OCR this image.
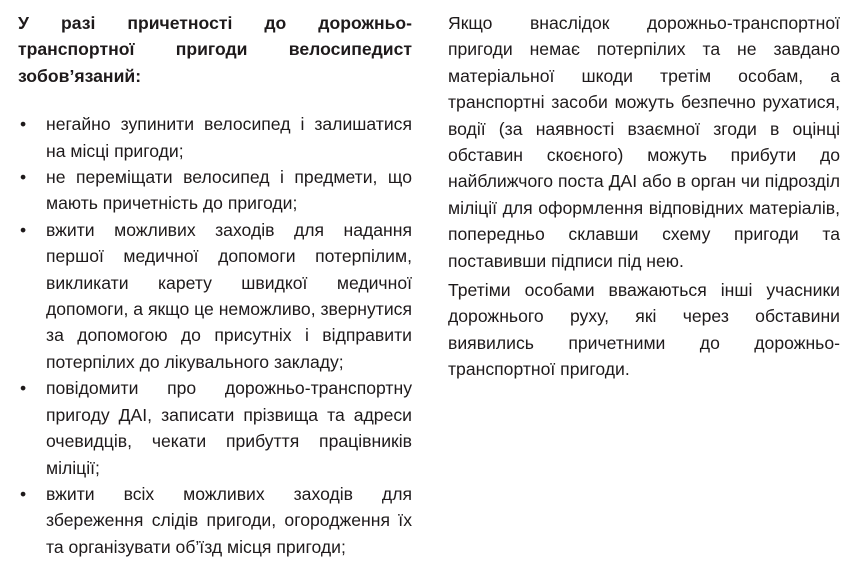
У разі причетності до дорожньо-транспортної пригоди велосипедист зобов’язаний:
• негайно зупинити велосипед і залишатися на місці пригоди;
• не переміщати велосипед і предмети, що мають причетність до пригоди;
• вжити можливих заходів для надання першої медичної допомоги потерпілим, викликати карету швидкої медичної допомоги, а якщо це неможливо, звернутися за допомогою до присутніх і відправити потерпілих до лікувального закладу;
• повідомити про дорожньо-транспортну пригоду ДАІ, записати прізвища та адреси очевидців, чекати прибуття працівників міліції;
• вжити всіх можливих заходів для збереження слідів пригоди, огородження їх та організувати об’їзд місця пригоди;

Якщо внаслідок дорожньо-транспортної пригоди немає потерпілих та не завдано матеріальної шкоди третім особам, а транспортні засоби можуть безпечно рухатися, водії (за наявності взаємної згоди в оцінці обставин скоєного) можуть прибути до найближчого поста ДАІ або в орган чи підрозділ міліції для оформлення відповідних матеріалів, попередньо склавши схему пригоди та поставивши підписи під нею.

Третіми особами вважаються інші учасники дорожнього руху, які через обставини виявились причетними до дорожньо-транспортної пригоди.
